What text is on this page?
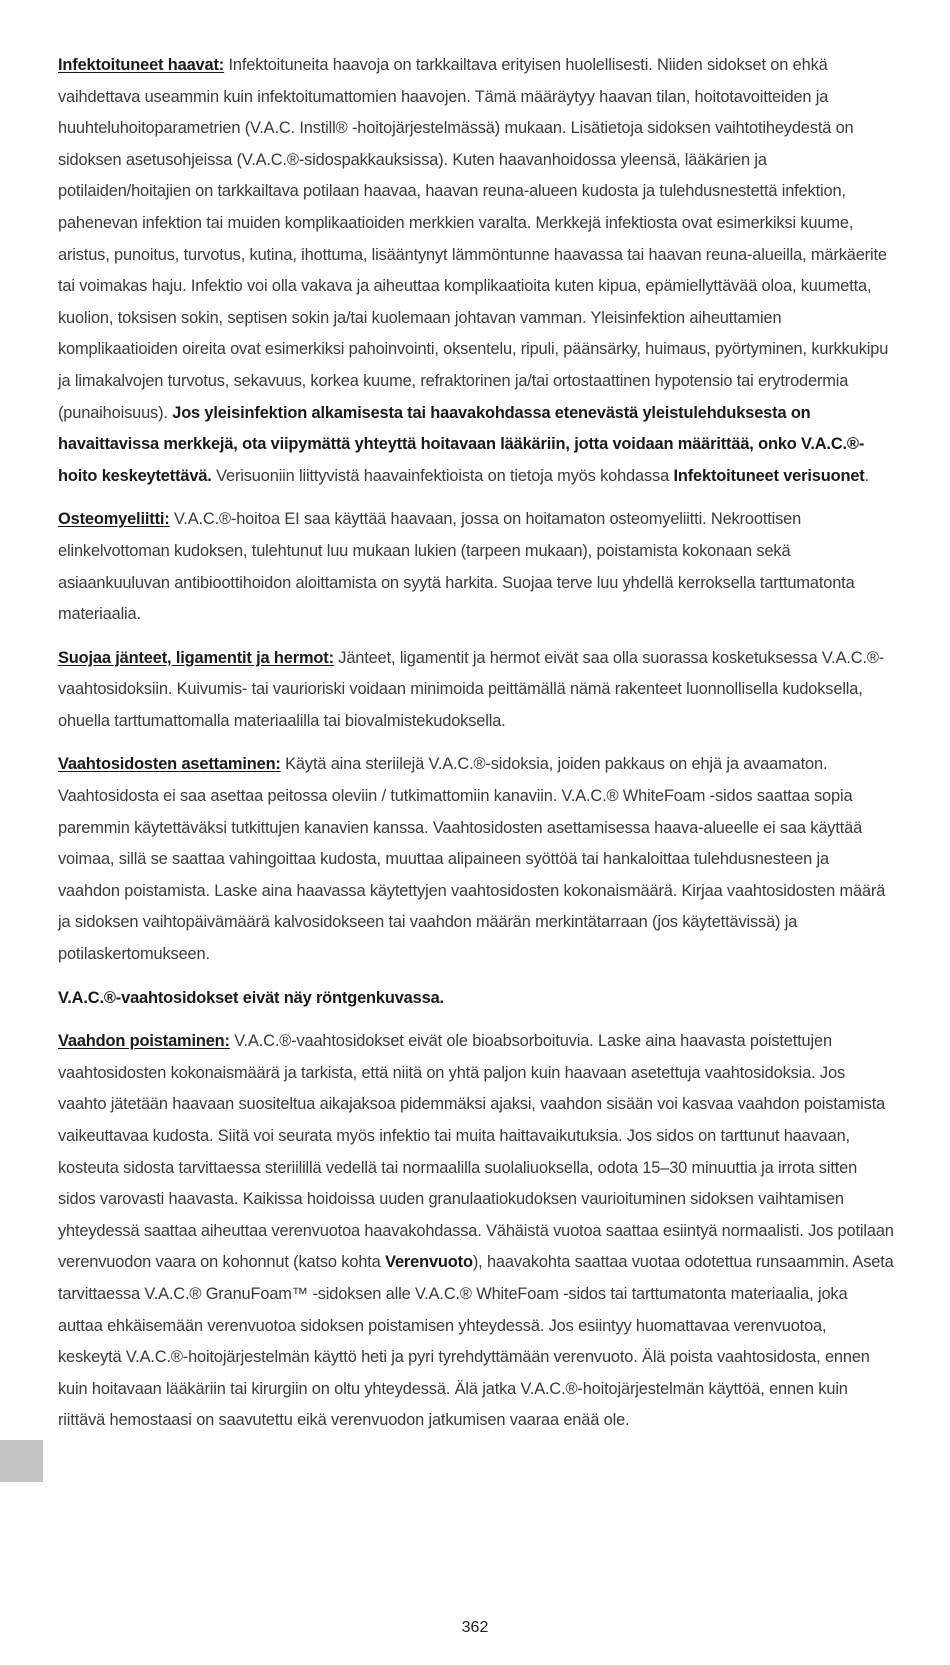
Infektoituneet haavat: Infektoituneita haavoja on tarkkailtava erityisen huolellisesti. Niiden sidokset on ehkä vaihdettava useammin kuin infektoitumattomien haavojen. Tämä määräytyy haavan tilan, hoitotavoitteiden ja huuhteluhoitoparametrien (V.A.C. Instill® -hoitojärjestelmässä) mukaan. Lisätietoja sidoksen vaihtotiheydestä on sidoksen asetusohjeissa (V.A.C.®-sidospakkauksissa). Kuten haavanhoidossa yleensä, lääkärien ja potilaiden/hoitajien on tarkkailtava potilaan haavaa, haavan reuna-alueen kudosta ja tulehdusnestettä infektion, pahenevan infektion tai muiden komplikaatioiden merkkien varalta. Merkkejä infektiosta ovat esimerkiksi kuume, aristus, punoitus, turvotus, kutina, ihottuma, lisääntynyt lämmöntunne haavassa tai haavan reuna-alueilla, märkäerite tai voimakas haju. Infektio voi olla vakava ja aiheuttaa komplikaatioita kuten kipua, epämiellyttävää oloa, kuumetta, kuolion, toksisen sokin, septisen sokin ja/tai kuolemaan johtavan vamman. Yleisinfektion aiheuttamien komplikaatioiden oireita ovat esimerkiksi pahoinvointi, oksentelu, ripuli, päänsärky, huimaus, pyörtyminen, kurkkukipu ja limakalvojen turvotus, sekavuus, korkea kuume, refraktorinen ja/tai ortostaattinen hypotensio tai erytrodermia (punaihoisuus). Jos yleisinfektion alkamisesta tai haavakohdassa etenevästä yleistulehduksesta on havaittavissa merkkejä, ota viipymättä yhteyttä hoitavaan lääkäriin, jotta voidaan määrittää, onko V.A.C.®-hoito keskeytettävä. Verisuoniin liittyvistä haavainfektioista on tietoja myös kohdassa Infektoituneet verisuonet.

Osteomyeliitti: V.A.C.®-hoitoa EI saa käyttää haavaan, jossa on hoitamaton osteomyeliitti. Nekroottisen elinkelvottoman kudoksen, tulehtunut luu mukaan lukien (tarpeen mukaan), poistamista kokonaan sekä asiaankuuluvan antibioottihoidon aloittamista on syytä harkita. Suojaa terve luu yhdellä kerroksella tarttumatonta materiaalia.

Suojaa jänteet, ligamentit ja hermot: Jänteet, ligamentit ja hermot eivät saa olla suorassa kosketuksessa V.A.C.®-vaahtosidoksiin. Kuivumis- tai vaurioriski voidaan minimoida peittämällä nämä rakenteet luonnollisella kudoksella, ohuella tarttumattomalla materiaalilla tai biovalmistekudoksella.

Vaahtosidosten asettaminen: Käytä aina steriilejä V.A.C.®-sidoksia, joiden pakkaus on ehjä ja avaamaton. Vaahtosidosta ei saa asettaa peitossa oleviin / tutkimattomiin kanaviin. V.A.C.® WhiteFoam -sidos saattaa sopia paremmin käytettäväksi tutkittujen kanavien kanssa. Vaahtosidosten asettamisessa haava-alueelle ei saa käyttää voimaa, sillä se saattaa vahingoittaa kudosta, muuttaa alipaineen syöttöä tai hankaloittaa tulehdusnesteen ja vaahdon poistamista. Laske aina haavassa käytettyjen vaahtosidosten kokonaismäärä. Kirjaa vaahtosidosten määrä ja sidoksen vaihtopäivämäärä kalvosidokseen tai vaahdon määrän merkintätarraan (jos käytettävissä) ja potilaskertomukseen.

V.A.C.®-vaahtosidokset eivät näy röntgenkuvassa.

Vaahdon poistaminen: V.A.C.®-vaahtosidokset eivät ole bioabsorboituvia. Laske aina haavasta poistettujen vaahtosidosten kokonaismäärä ja tarkista, että niitä on yhtä paljon kuin haavaan asetettuja vaahtosidoksia. Jos vaahto jätetään haavaan suositeltua aikajaksoa pidemmäksi ajaksi, vaahdon sisään voi kasvaa vaahdon poistamista vaikeuttavaa kudosta. Siitä voi seurata myös infektio tai muita haittavaikutuksia. Jos sidos on tarttunut haavaan, kosteuta sidosta tarvittaessa steriilillä vedellä tai normaalilla suolaliuoksella, odota 15–30 minuuttia ja irrota sitten sidos varovasti haavasta. Kaikissa hoidoissa uuden granulaatiokudoksen vaurioituminen sidoksen vaihtamisen yhteydessä saattaa aiheuttaa verenvuotoa haavakohdassa. Vähäistä vuotoa saattaa esiintyä normaalisti. Jos potilaan verenvuodon vaara on kohonnut (katso kohta Verenvuoto), haavakohta saattaa vuotaa odotettua runsaammin. Aseta tarvittaessa V.A.C.® GranuFoam™ -sidoksen alle V.A.C.® WhiteFoam -sidos tai tarttumatonta materiaalia, joka auttaa ehkäisemään verenvuotoa sidoksen poistamisen yhteydessä. Jos esiintyy huomattavaa verenvuotoa, keskeytä V.A.C.®-hoitojärjestelmän käyttö heti ja pyri tyrehdyttämään verenvuoto. Älä poista vaahtosidosta, ennen kuin hoitavaan lääkäriin tai kirurgiin on oltu yhteydessä. Älä jatka V.A.C.®-hoitojärjestelmän käyttöä, ennen kuin riittävä hemostaasi on saavutettu eikä verenvuodon jatkumisen vaaraa enää ole.

362
